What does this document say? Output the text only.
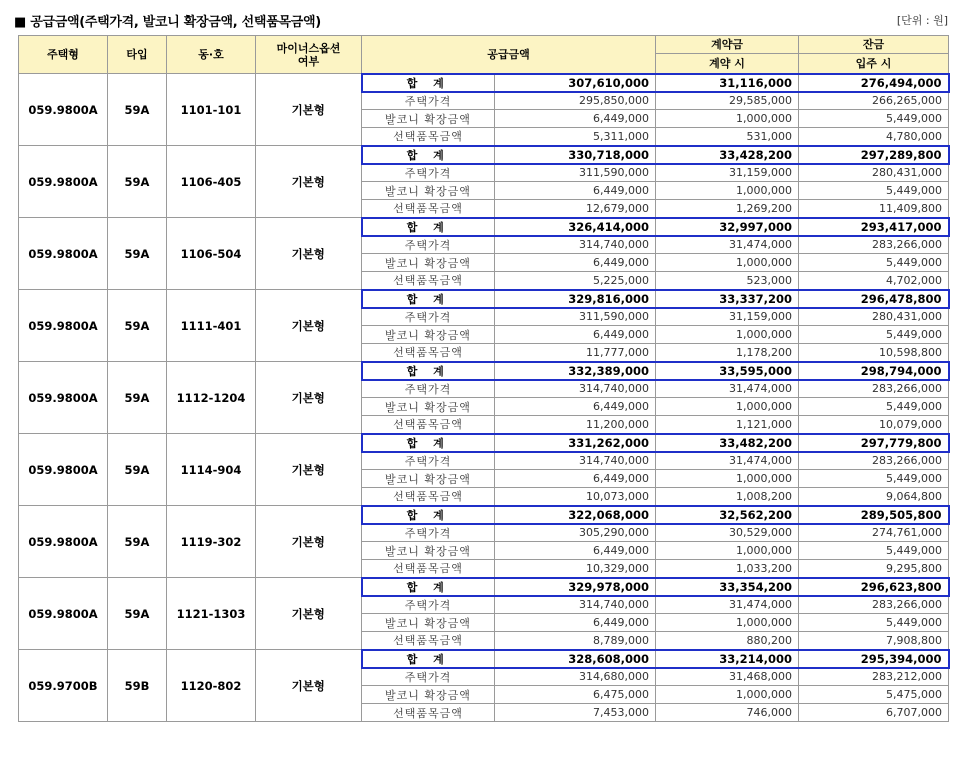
■ 공급금액(주택가격, 발코니 확장금액, 선택품목금액)	[단위 : 원]
주택형	타입	동·호	마이너스옵션 여부	공급금액		계약금	잔금
						계약 시	입주 시
059.9800A	59A	1101-101	기본형	합 계	307,610,000	31,116,000	276,494,000
				주택가격	295,850,000	29,585,000	266,265,000
				발코니 확장금액	6,449,000	1,000,000	5,449,000
				선택품목금액	5,311,000	531,000	4,780,000
059.9800A	59A	1106-405	기본형	합 계	330,718,000	33,428,200	297,289,800
				주택가격	311,590,000	31,159,000	280,431,000
				발코니 확장금액	6,449,000	1,000,000	5,449,000
				선택품목금액	12,679,000	1,269,200	11,409,800
059.9800A	59A	1106-504	기본형	합 계	326,414,000	32,997,000	293,417,000
				주택가격	314,740,000	31,474,000	283,266,000
				발코니 확장금액	6,449,000	1,000,000	5,449,000
				선택품목금액	5,225,000	523,000	4,702,000
059.9800A	59A	1111-401	기본형	합 계	329,816,000	33,337,200	296,478,800
				주택가격	311,590,000	31,159,000	280,431,000
				발코니 확장금액	6,449,000	1,000,000	5,449,000
				선택품목금액	11,777,000	1,178,200	10,598,800
059.9800A	59A	1112-1204	기본형	합 계	332,389,000	33,595,000	298,794,000
				주택가격	314,740,000	31,474,000	283,266,000
				발코니 확장금액	6,449,000	1,000,000	5,449,000
				선택품목금액	11,200,000	1,121,000	10,079,000
059.9800A	59A	1114-904	기본형	합 계	331,262,000	33,482,200	297,779,800
				주택가격	314,740,000	31,474,000	283,266,000
				발코니 확장금액	6,449,000	1,000,000	5,449,000
				선택품목금액	10,073,000	1,008,200	9,064,800
059.9800A	59A	1119-302	기본형	합 계	322,068,000	32,562,200	289,505,800
				주택가격	305,290,000	30,529,000	274,761,000
				발코니 확장금액	6,449,000	1,000,000	5,449,000
				선택품목금액	10,329,000	1,033,200	9,295,800
059.9800A	59A	1121-1303	기본형	합 계	329,978,000	33,354,200	296,623,800
				주택가격	314,740,000	31,474,000	283,266,000
				발코니 확장금액	6,449,000	1,000,000	5,449,000
				선택품목금액	8,789,000	880,200	7,908,800
059.9700B	59B	1120-802	기본형	합 계	328,608,000	33,214,000	295,394,000
				주택가격	314,680,000	31,468,000	283,212,000
				발코니 확장금액	6,475,000	1,000,000	5,475,000
				선택품목금액	7,453,000	746,000	6,707,000
